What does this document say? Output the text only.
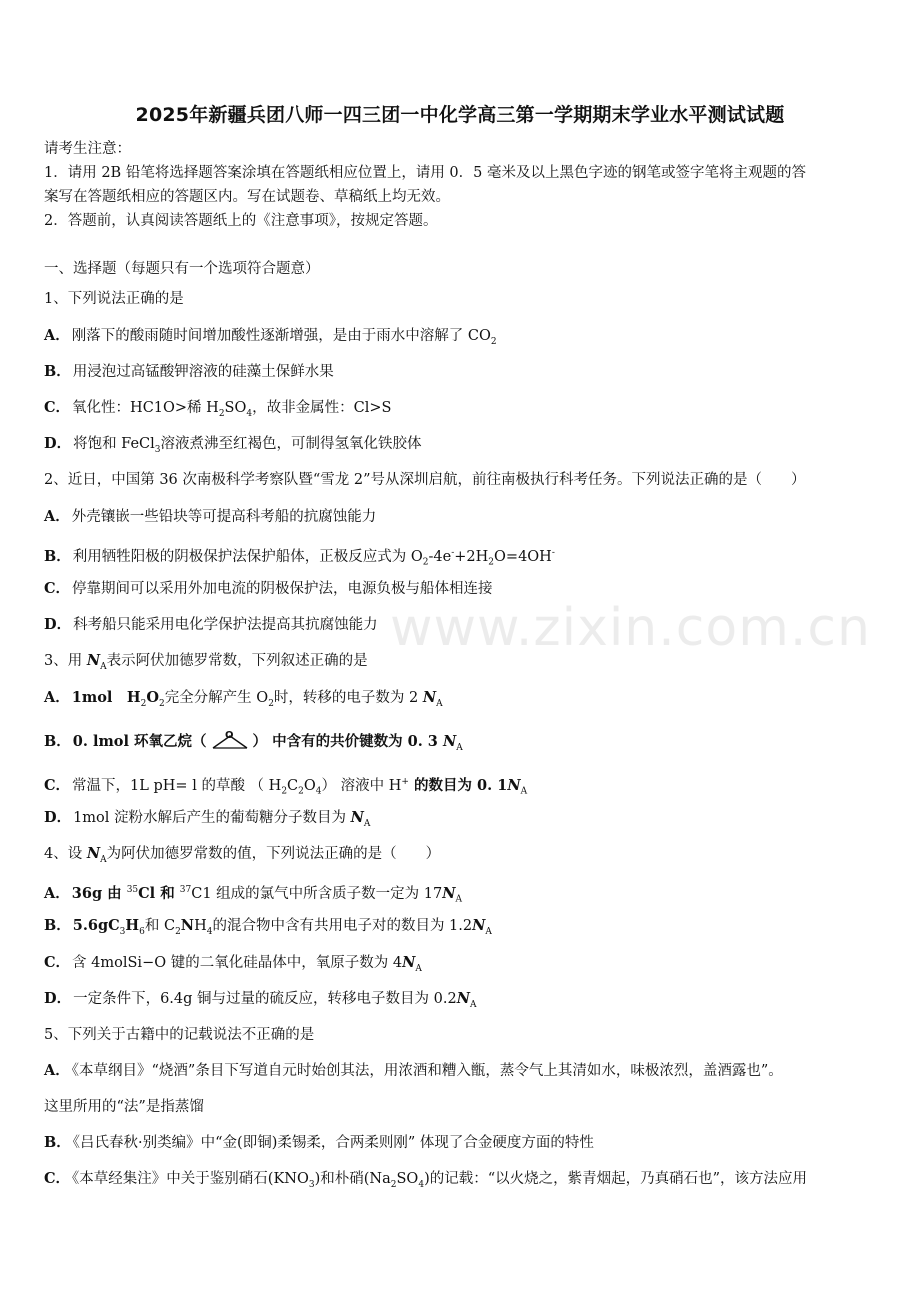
www.zixin.com.cn
2025年新疆兵团八师一四三团一中化学高三第一学期期末学业水平测试试题
请考生注意：
1．请用 2B 铅笔将选择题答案涂填在答题纸相应位置上，请用 0．5 毫米及以上黑色字迹的钢笔或签字笔将主观题的答
案写在答题纸相应的答题区内。写在试题卷、草稿纸上均无效。
2．答题前，认真阅读答题纸上的《注意事项》，按规定答题。
一、选择题（每题只有一个选项符合题意）
1、下列说法正确的是
A． 刚落下的酸雨随时间增加酸性逐渐增强，是由于雨水中溶解了 $CO_2$
B． 用浸泡过高锰酸钾溶液的硅藻土保鲜水果
C． 氧化性：HC1O>稀 $H_2SO_4$，故非金属性：Cl>S
D． 将饱和 FeCl$_3$溶液煮沸至红褐色，可制得氢氧化铁胶体
2、近日，中国第 36 次南极科学考察队暨“雪龙 2”号从深圳启航，前往南极执行科考任务。下列说法正确的是（　　）
A． 外壳镶嵌一些铅块等可提高科考船的抗腐蚀能力
B． 利用牺牲阳极的阴极保护法保护船体，正极反应式为 $O_2-4e^-+2H_2O=4OH^-$
C． 停靠期间可以采用外加电流的阴极保护法，电源负极与船体相连接
D． 科考船只能采用电化学保护法提高其抗腐蚀能力
3、用 $N_A$表示阿伏加德罗常数，下列叙述正确的是
A． 1mol　$H_2O_2$完全分解产生 $O_2$时，转移的电子数为 2 $N_A$
B． 0. lmol 环氧乙烷（ O ） 中含有的共价键数为 0. 3 $N_A$
C． 常温下，1L pH= l 的草酸 （ $H_2C_2O_4$） 溶液中 H+ 的数目为 0. $1N_A$
D． 1mol 淀粉水解后产生的葡萄糖分子数目为 $N_A$
4、设 $N_A$为阿伏加德罗常数的值，下列说法正确的是（　　）
A． 36g 由 $^{35}$Cl 和 $^{37}$C1 组成的氯气中所含质子数一定为 $17N_A$
B． $5.6gC_3H_6$和 $C_2NH_4$的混合物中含有共用电子对的数目为 $1.2N_A$
C． 含 4molSi−O 键的二氧化硅晶体中，氧原子数为 $4N_A$
D． 一定条件下，6.4g 铜与过量的硫反应，转移电子数目为 $0.2N_A$
5、下列关于古籍中的记载说法不正确的是
A． 《本草纲目》“烧酒”条目下写道自元时始创其法，用浓酒和糟入甑，蒸令气上其清如水，味极浓烈，盖酒露也”。
这里所用的“法”是指蒸馏
B． 《吕氏春秋·别类编》中“金(即铜)柔锡柔，合两柔则刚” 体现了合金硬度方面的特性
C． 《本草经集注》中关于鉴别硝石$(KNO_3)$和朴硝$(Na_2SO_4)$的记载：“以火烧之，紫青烟起，乃真硝石也”，该方法应用
